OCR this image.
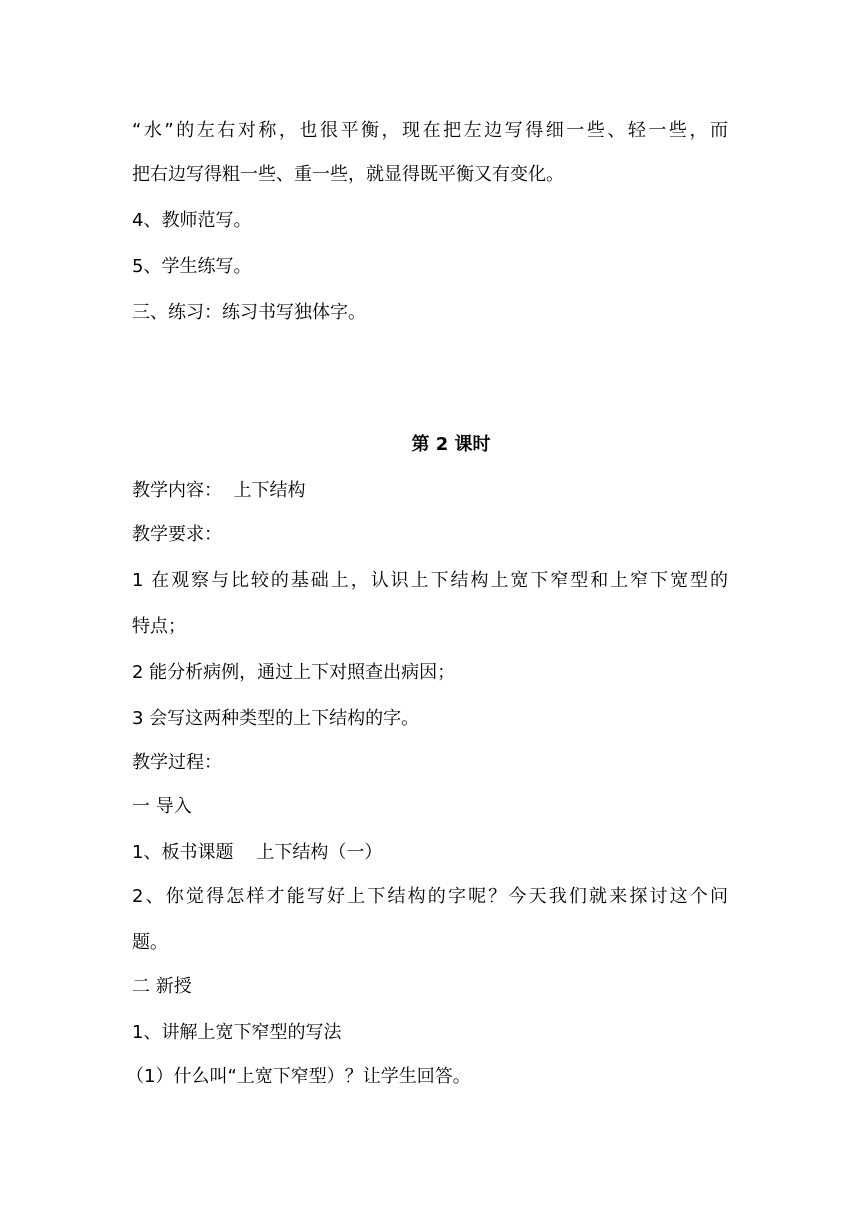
“水”的左右对称，也很平衡，现在把左边写得细一些、轻一些，而
把右边写得粗一些、重一些，就显得既平衡又有变化。
4、教师范写。
5、学生练写。
三、练习：练习书写独体字。
第 2 课时
教学内容：  上下结构
教学要求：
1 在观察与比较的基础上，认识上下结构上宽下窄型和上窄下宽型的
特点；
2 能分析病例，通过上下对照查出病因；
3 会写这两种类型的上下结构的字。
教学过程：
一 导入
1、板书课题    上下结构（一）
2、你觉得怎样才能写好上下结构的字呢？今天我们就来探讨这个问
题。
二 新授
1、讲解上宽下窄型的写法
（1）什么叫“上宽下窄型）？让学生回答。
